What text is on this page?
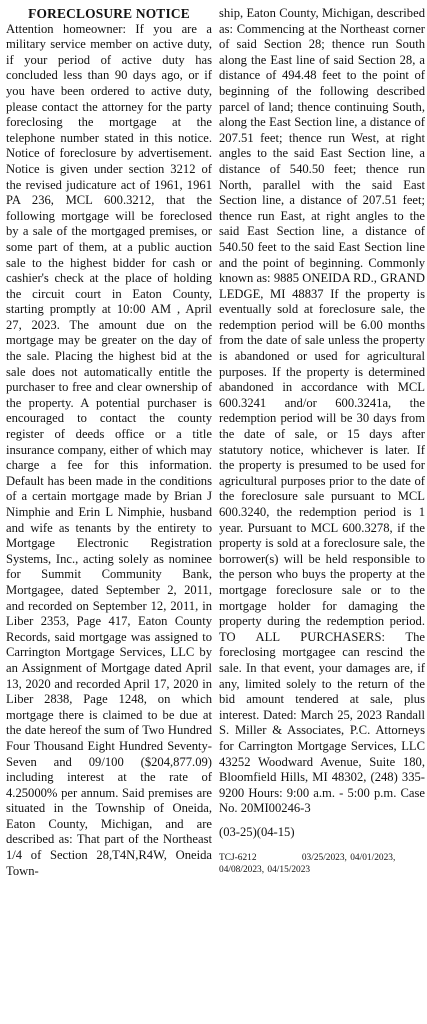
FORECLOSURE NOTICE

Attention homeowner: If you are a military service member on active duty, if your period of active duty has concluded less than 90 days ago, or if you have been ordered to active duty, please contact the attorney for the party foreclosing the mortgage at the telephone number stated in this notice. Notice of foreclosure by advertisement. Notice is given under section 3212 of the revised judicature act of 1961, 1961 PA 236, MCL 600.3212, that the following mortgage will be foreclosed by a sale of the mortgaged premises, or some part of them, at a public auction sale to the highest bidder for cash or cashier's check at the place of holding the circuit court in Eaton County, starting promptly at 10:00 AM , April 27, 2023. The amount due on the mortgage may be greater on the day of the sale. Placing the highest bid at the sale does not automatically entitle the purchaser to free and clear ownership of the property. A potential purchaser is encouraged to contact the county register of deeds office or a title insurance company, either of which may charge a fee for this information. Default has been made in the conditions of a certain mortgage made by Brian J Nimphie and Erin L Nimphie, husband and wife as tenants by the entirety to Mortgage Electronic Registration Systems, Inc., acting solely as nominee for Summit Community Bank, Mortgagee, dated September 2, 2011, and recorded on September 12, 2011, in Liber 2353, Page 417, Eaton County Records, said mortgage was assigned to Carrington Mortgage Services, LLC by an Assignment of Mortgage dated April 13, 2020 and recorded April 17, 2020 in Liber 2838, Page 1248, on which mortgage there is claimed to be due at the date hereof the sum of Two Hundred Four Thousand Eight Hundred Seventy-Seven and 09/100 ($204,877.09) including interest at the rate of 4.25000% per annum. Said premises are situated in the Township of Oneida, Eaton County, Michigan, and are described as: That part of the Northeast 1/4 of Section 28,T4N,R4W, Oneida Town-

ship, Eaton County, Michigan, described as: Commencing at the Northeast corner of said Section 28; thence run South along the East line of said Section 28, a distance of 494.48 feet to the point of beginning of the following described parcel of land; thence continuing South, along the East Section line, a distance of 207.51 feet; thence run West, at right angles to the said East Section line, a distance of 540.50 feet; thence run North, parallel with the said East Section line, a distance of 207.51 feet; thence run East, at right angles to the said East Section line, a distance of 540.50 feet to the said East Section line and the point of beginning. Commonly known as: 9885 ONEIDA RD., GRAND LEDGE, MI 48837 If the property is eventually sold at foreclosure sale, the redemption period will be 6.00 months from the date of sale unless the property is abandoned or used for agricultural purposes. If the property is determined abandoned in accordance with MCL 600.3241 and/or 600.3241a, the redemption period will be 30 days from the date of sale, or 15 days after statutory notice, whichever is later. If the property is presumed to be used for agricultural purposes prior to the date of the foreclosure sale pursuant to MCL 600.3240, the redemption period is 1 year. Pursuant to MCL 600.3278, if the property is sold at a foreclosure sale, the borrower(s) will be held responsible to the person who buys the property at the mortgage foreclosure sale or to the mortgage holder for damaging the property during the redemption period. TO ALL PURCHASERS: The foreclosing mortgagee can rescind the sale. In that event, your damages are, if any, limited solely to the return of the bid amount tendered at sale, plus interest. Dated: March 25, 2023 Randall S. Miller & Associates, P.C. Attorneys for Carrington Mortgage Services, LLC 43252 Woodward Avenue, Suite 180, Bloomfield Hills, MI 48302, (248) 335-9200 Hours: 9:00 a.m. - 5:00 p.m. Case No. 20MI00246-3

(03-25)(04-15)
TCJ-6212	03/25/2023, 04/01/2023, 04/08/2023, 04/15/2023
